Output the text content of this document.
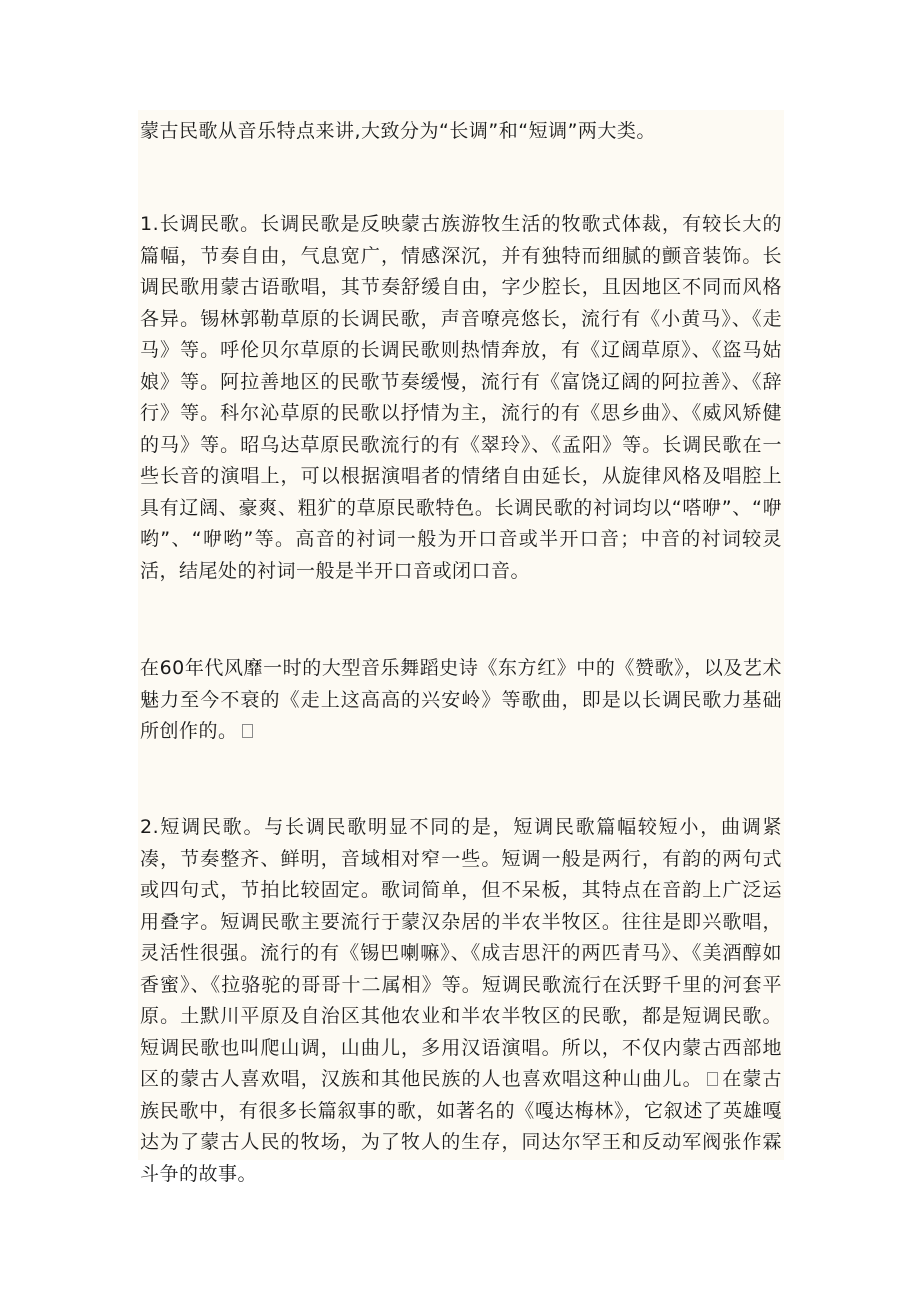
蒙古民歌从音乐特点来讲,大致分为“长调”和“短调”两大类。

1.长调民歌。长调民歌是反映蒙古族游牧生活的牧歌式体裁，有较长大的篇幅，节奏自由，气息宽广，情感深沉，并有独特而细腻的颤音装饰。长调民歌用蒙古语歌唱，其节奏舒缓自由，字少腔长，且因地区不同而风格各异。锡林郭勒草原的长调民歌，声音嘹亮悠长，流行有《小黄马》、《走马》等。呼伦贝尔草原的长调民歌则热情奔放，有《辽阔草原》、《盗马姑娘》等。阿拉善地区的民歌节奏缓慢，流行有《富饶辽阔的阿拉善》、《辞行》等。科尔沁草原的民歌以抒情为主，流行的有《思乡曲》、《威风矫健的马》等。昭乌达草原民歌流行的有《翠玲》、《孟阳》等。长调民歌在一些长音的演唱上，可以根据演唱者的情绪自由延长，从旋律风格及唱腔上具有辽阔、豪爽、粗犷的草原民歌特色。长调民歌的衬词均以“嗒咿”、“咿哟”、“咿哟”等。高音的衬词一般为开口音或半开口音；中音的衬词较灵活，结尾处的衬词一般是半开口音或闭口音。

在60年代风靡一时的大型音乐舞蹈史诗《东方红》中的《赞歌》，以及艺术魅力至今不衰的《走上这高高的兴安岭》等歌曲，即是以长调民歌力基础所创作的。

2.短调民歌。与长调民歌明显不同的是，短调民歌篇幅较短小，曲调紧凑，节奏整齐、鲜明，音域相对窄一些。短调一般是两行，有韵的两句式或四句式，节拍比较固定。歌词简单，但不呆板，其特点在音韵上广泛运用叠字。短调民歌主要流行于蒙汉杂居的半农半牧区。往往是即兴歌唱，灵活性很强。流行的有《锡巴喇嘛》、《成吉思汗的两匹青马》、《美酒醇如香蜜》、《拉骆驼的哥哥十二属相》等。短调民歌流行在沃野千里的河套平原。土默川平原及自治区其他农业和半农半牧区的民歌，都是短调民歌。短调民歌也叫爬山调，山曲儿，多用汉语演唱。所以，不仅内蒙古西部地区的蒙古人喜欢唱，汉族和其他民族的人也喜欢唱这种山曲儿。 在蒙古族民歌中，有很多长篇叙事的歌，如著名的《嘎达梅林》，它叙述了英雄嘎达为了蒙古人民的牧场，为了牧人的生存，同达尔罕王和反动军阀张作霖斗争的故事。
